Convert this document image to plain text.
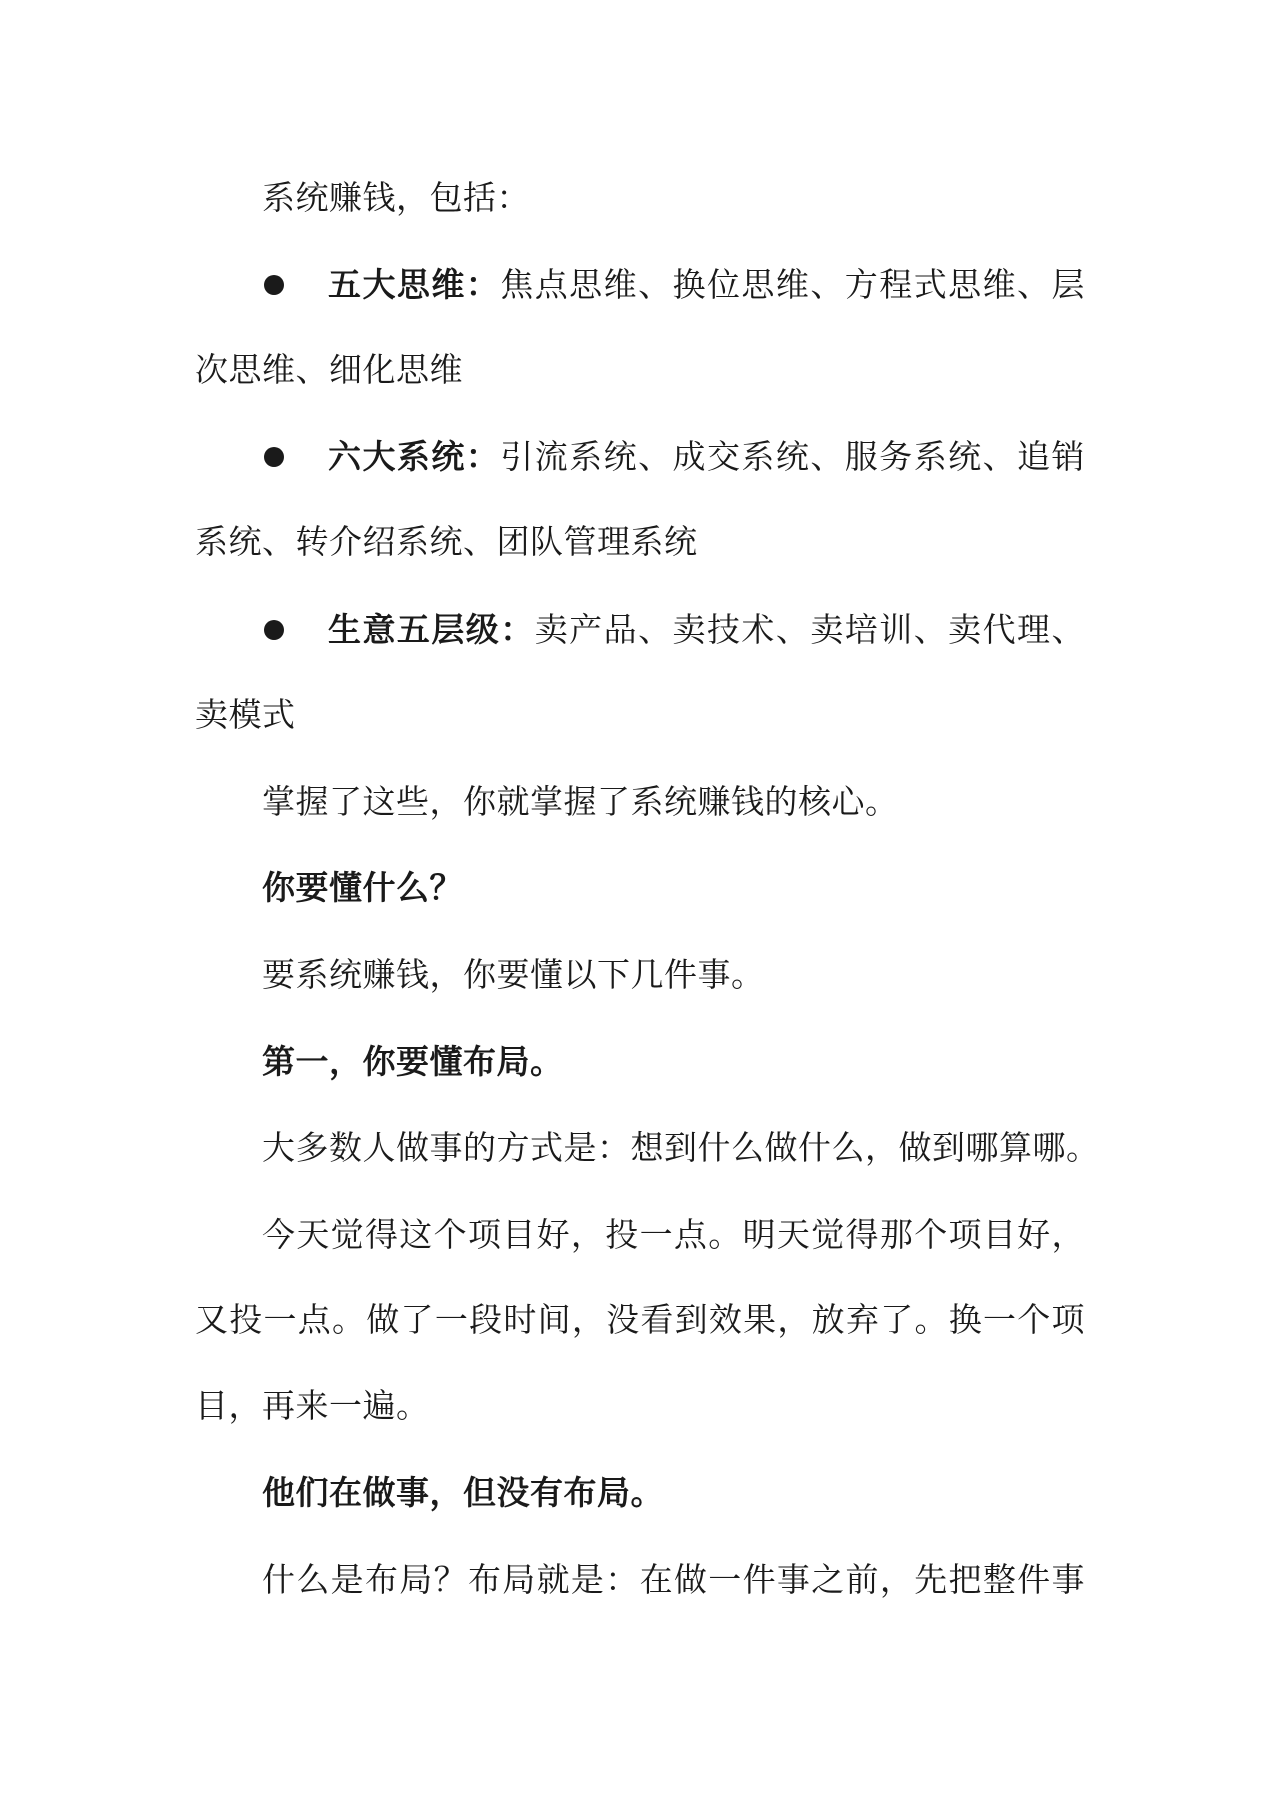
系统赚钱，包括：
五大思维：焦点思维、换位思维、方程式思维、层
次思维、细化思维
六大系统：引流系统、成交系统、服务系统、追销
系统、转介绍系统、团队管理系统
生意五层级：卖产品、卖技术、卖培训、卖代理、
卖模式
掌握了这些，你就掌握了系统赚钱的核心。
你要懂什么？
要系统赚钱，你要懂以下几件事。
第一，你要懂布局。
大多数人做事的方式是：想到什么做什么，做到哪算哪。
今天觉得这个项目好，投一点。明天觉得那个项目好，
又投一点。做了一段时间，没看到效果，放弃了。换一个项
目，再来一遍。
他们在做事，但没有布局。
什么是布局？布局就是：在做一件事之前，先把整件事
